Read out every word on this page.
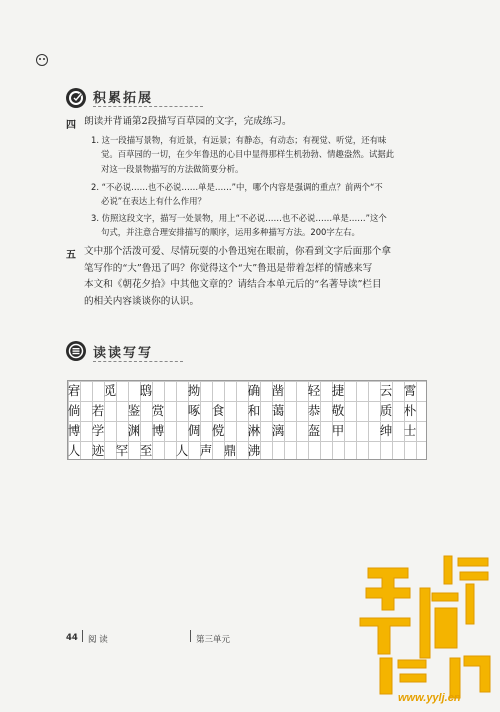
积累拓展
四 朗读并背诵第2段描写百草园的文字，完成练习。
1. 这一段描写景物，有近景，有远景；有静态，有动态；有视觉、听觉，还有味
觉。百草园的一切，在少年鲁迅的心目中显得那样生机勃勃、情趣盎然。试据此
对这一段景物描写的方法做简要分析。
2. “不必说……也不必说……单是……”中，哪个内容是强调的重点？前两个“不
必说”在表达上有什么作用？
3. 仿照这段文字，描写一处景物，用上“不必说……也不必说……单是……”这个
句式，并注意合理安排描写的顺序，运用多种描写方法。200字左右。
五 文中那个活泼可爱、尽情玩耍的小鲁迅宛在眼前，你看到文字后面那个拿
笔写作的“大”鲁迅了吗？你觉得这个“大”鲁迅是带着怎样的情感来写
本文和《朝花夕拾》中其他文章的？请结合本单元后的“名著导读”栏目
的相关内容谈谈你的认识。
读读写写
宭 觅 鸱	拗	确 凿 轻 捷	云 霄
倘 若 鉴 赏 啄 食 和 蔼 恭 敬	质 朴
博 学 渊 博 倜 傥 淋 漓 盔 甲	绅 士
人 迹 罕 至 人 声 鼎 沸
44 阅 读	第三单元
www.yylj.cn
